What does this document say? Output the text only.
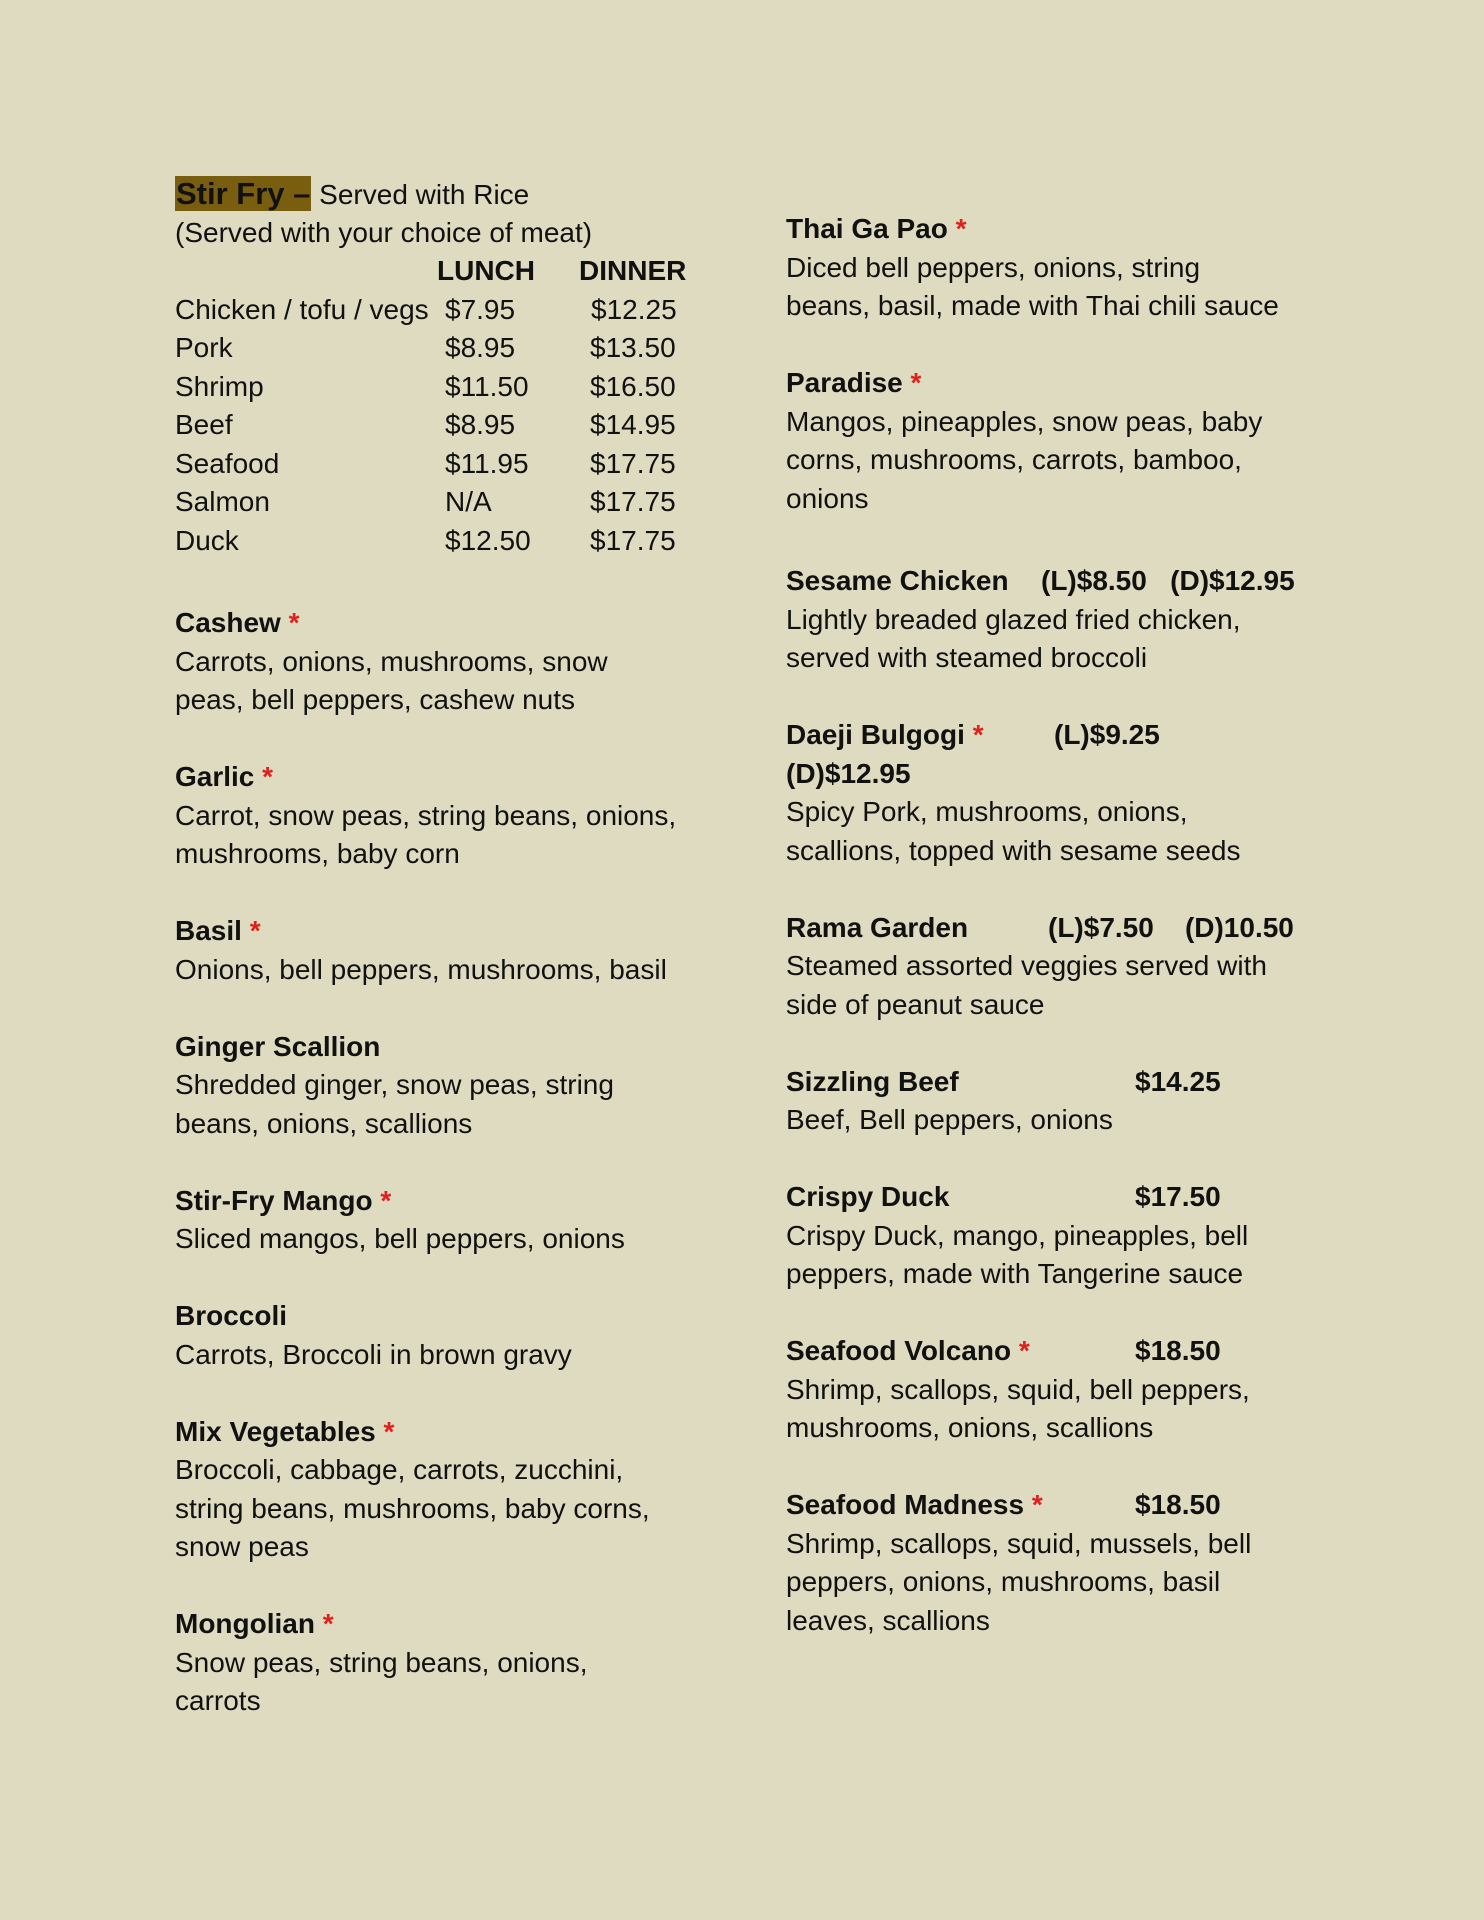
Stir Fry – Served with Rice
(Served with your choice of meat)
LUNCH DINNER
Chicken / tofu / vegs $7.95	$12.25
Pork	$8.95	$13.50
Shrimp	$11.50 $16.50
Beef	$8.95	$14.95
Seafood	$11.95 $17.75
Salmon	N/A	$17.75
Duck	$12.50 $17.75
Cashew *
Carrots, onions, mushrooms, snow
peas, bell peppers, cashew nuts
Garlic *
Carrot, snow peas, string beans, onions,
mushrooms, baby corn
Basil *
Onions, bell peppers, mushrooms, basil
Ginger Scallion
Shredded ginger, snow peas, string
beans, onions, scallions
Stir-Fry Mango *
Sliced mangos, bell peppers, onions
Broccoli
Carrots, Broccoli in brown gravy
Mix Vegetables *
Broccoli, cabbage, carrots, zucchini,
string beans, mushrooms, baby corns,
snow peas
Mongolian *
Snow peas, string beans, onions,
carrots
Thai Ga Pao *
Diced bell peppers, onions, string
beans, basil, made with Thai chili sauce
Paradise *
Mangos, pineapples, snow peas, baby
corns, mushrooms, carrots, bamboo,
onions
Sesame Chicken (L)$8.50   (D)$12.95
Lightly breaded glazed fried chicken,
served with steamed broccoli
Daeji Bulgogi *	(L)$9.25
(D)$12.95
Spicy Pork, mushrooms, onions,
scallions, topped with sesame seeds
Rama Garden	(L)$7.50    (D)10.50
Steamed assorted veggies served with
side of peanut sauce
Sizzling Beef	$14.25
Beef, Bell peppers, onions
Crispy Duck	$17.50
Crispy Duck, mango, pineapples, bell
peppers, made with Tangerine sauce
Seafood Volcano *	$18.50
Shrimp, scallops, squid, bell peppers,
mushrooms, onions, scallions
Seafood Madness *	$18.50
Shrimp, scallops, squid, mussels, bell
peppers, onions, mushrooms, basil
leaves, scallions
